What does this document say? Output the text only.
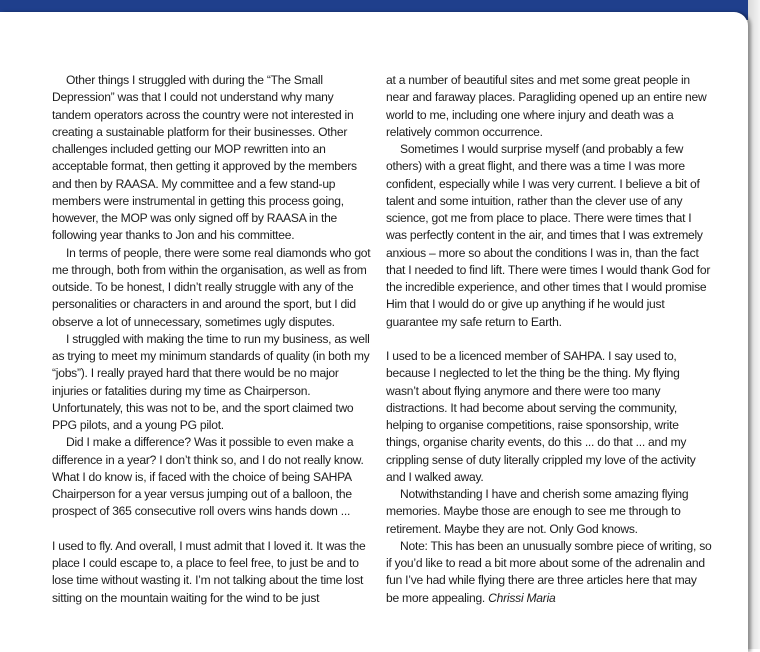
Other things I struggled with during the “The Small Depression” was that I could not understand why many tandem operators across the country were not interested in creating a sustainable platform for their businesses. Other challenges included getting our MOP rewritten into an acceptable format, then getting it approved by the members and then by RAASA. My committee and a few stand-up members were instrumental in getting this process going, however, the MOP was only signed off by RAASA in the following year thanks to Jon and his committee.

In terms of people, there were some real diamonds who got me through, both from within the organisation, as well as from outside. To be honest, I didn’t really struggle with any of the personalities or characters in and around the sport, but I did observe a lot of unnecessary, sometimes ugly disputes.

I struggled with making the time to run my business, as well as trying to meet my minimum standards of quality (in both my “jobs”). I really prayed hard that there would be no major injuries or fatalities during my time as Chairperson. Unfortunately, this was not to be, and the sport claimed two PPG pilots, and a young PG pilot.

Did I make a difference? Was it possible to even make a difference in a year? I don’t think so, and I do not really know. What I do know is, if faced with the choice of being SAHPA Chairperson for a year versus jumping out of a balloon, the prospect of 365 consecutive roll overs wins hands down ...

I used to fly. And overall, I must admit that I loved it. It was the place I could escape to, a place to feel free, to just be and to lose time without wasting it. I’m not talking about the time lost sitting on the mountain waiting for the wind to be just

at a number of beautiful sites and met some great people in near and faraway places. Paragliding opened up an entire new world to me, including one where injury and death was a relatively common occurrence.

Sometimes I would surprise myself (and probably a few others) with a great flight, and there was a time I was more confident, especially while I was very current. I believe a bit of talent and some intuition, rather than the clever use of any science, got me from place to place. There were times that I was perfectly content in the air, and times that I was extremely anxious – more so about the conditions I was in, than the fact that I needed to find lift. There were times I would thank God for the incredible experience, and other times that I would promise Him that I would do or give up anything if he would just guarantee my safe return to Earth.

I used to be a licenced member of SAHPA. I say used to, because I neglected to let the thing be the thing. My flying wasn’t about flying anymore and there were too many distractions. It had become about serving the community, helping to organise competitions, raise sponsorship, write things, organise charity events, do this ... do that ... and my crippling sense of duty literally crippled my love of the activity and I walked away.

Notwithstanding I have and cherish some amazing flying memories. Maybe those are enough to see me through to retirement. Maybe they are not. Only God knows.

Note: This has been an unusually sombre piece of writing, so if you’d like to read a bit more about some of the adrenalin and fun I’ve had while flying there are three articles here that may be more appealing. Chrissi Maria
